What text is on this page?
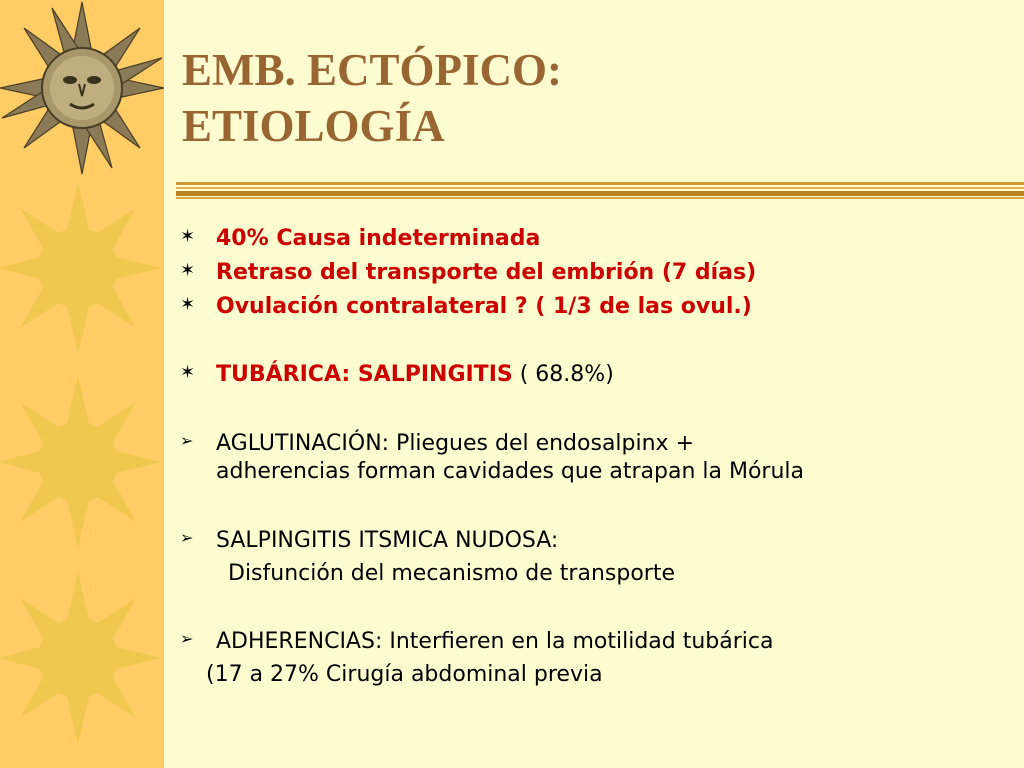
EMB. ECTÓPICO:
ETIOLOGÍA
✶ 40% Causa indeterminada
✶ Retraso del transporte del embrión (7 días)
✶ Ovulación contralateral ? ( 1/3 de las ovul.)
✶ TUBÁRICA: SALPINGITIS ( 68.8%)
➢	AGLUTINACIÓN: Pliegues del endosalpinx +
adherencias forman cavidades que atrapan la Mórula
➢	SALPINGITIS ITSMICA NUDOSA:
Disfunción del mecanismo de transporte
➢	ADHERENCIAS: Interfieren en la motilidad tubárica
(17 a 27% Cirugía abdominal previa
